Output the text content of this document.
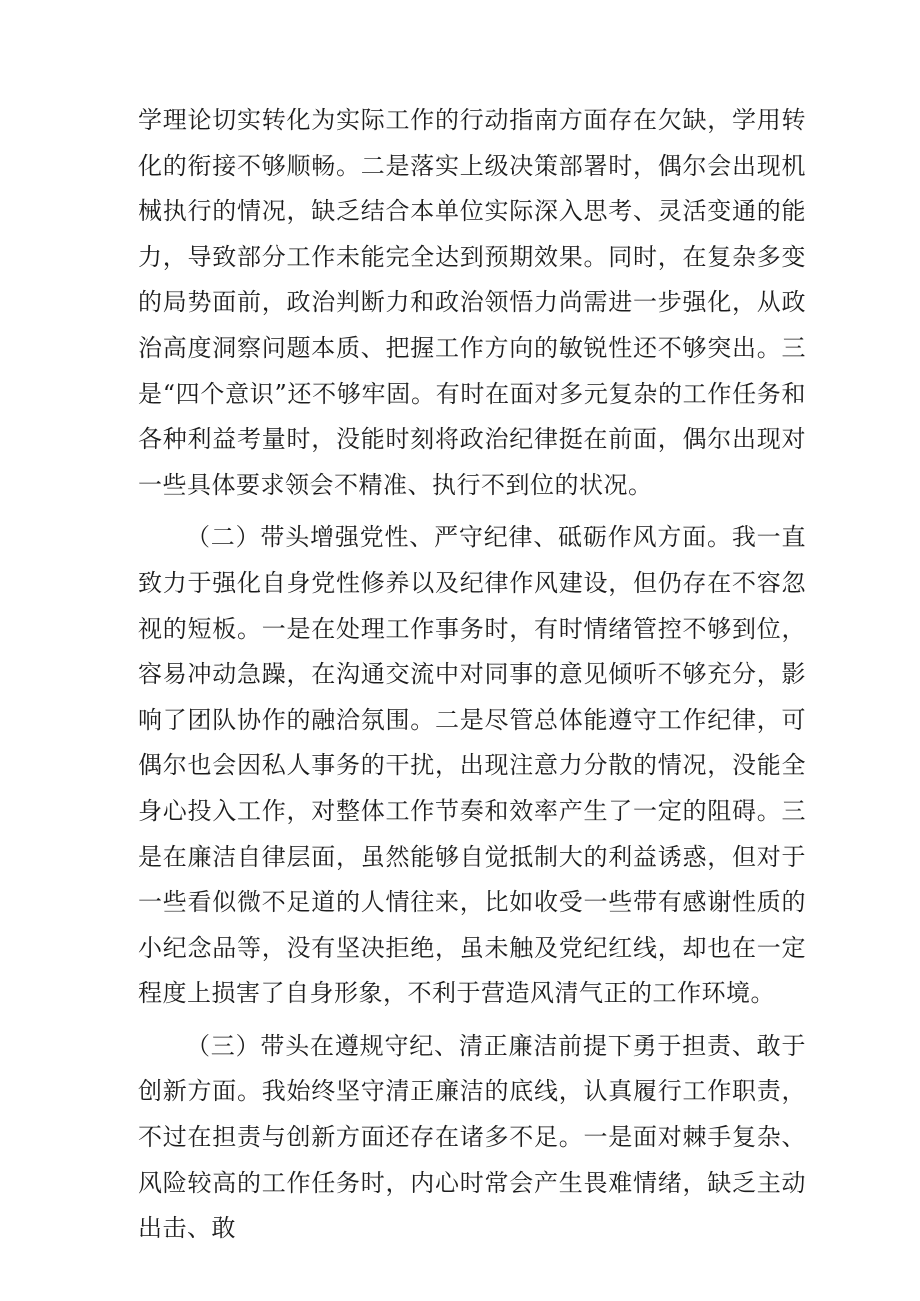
学理论切实转化为实际工作的行动指南方面存在欠缺，学用转化的衔接不够顺畅。二是落实上级决策部署时，偶尔会出现机械执行的情况，缺乏结合本单位实际深入思考、灵活变通的能力，导致部分工作未能完全达到预期效果。同时，在复杂多变的局势面前，政治判断力和政治领悟力尚需进一步强化，从政治高度洞察问题本质、把握工作方向的敏锐性还不够突出。三是“四个意识”还不够牢固。有时在面对多元复杂的工作任务和各种利益考量时，没能时刻将政治纪律挺在前面，偶尔出现对一些具体要求领会不精准、执行不到位的状况。

（二）带头增强党性、严守纪律、砥砺作风方面。我一直致力于强化自身党性修养以及纪律作风建设，但仍存在不容忽视的短板。一是在处理工作事务时，有时情绪管控不够到位，容易冲动急躁，在沟通交流中对同事的意见倾听不够充分，影响了团队协作的融洽氛围。二是尽管总体能遵守工作纪律，可偶尔也会因私人事务的干扰，出现注意力分散的情况，没能全身心投入工作，对整体工作节奏和效率产生了一定的阻碍。三是在廉洁自律层面，虽然能够自觉抵制大的利益诱惑，但对于一些看似微不足道的人情往来，比如收受一些带有感谢性质的小纪念品等，没有坚决拒绝，虽未触及党纪红线，却也在一定程度上损害了自身形象，不利于营造风清气正的工作环境。

（三）带头在遵规守纪、清正廉洁前提下勇于担责、敢于创新方面。我始终坚守清正廉洁的底线，认真履行工作职责，不过在担责与创新方面还存在诸多不足。一是面对棘手复杂、风险较高的工作任务时，内心时常会产生畏难情绪，缺乏主动出击、敢
